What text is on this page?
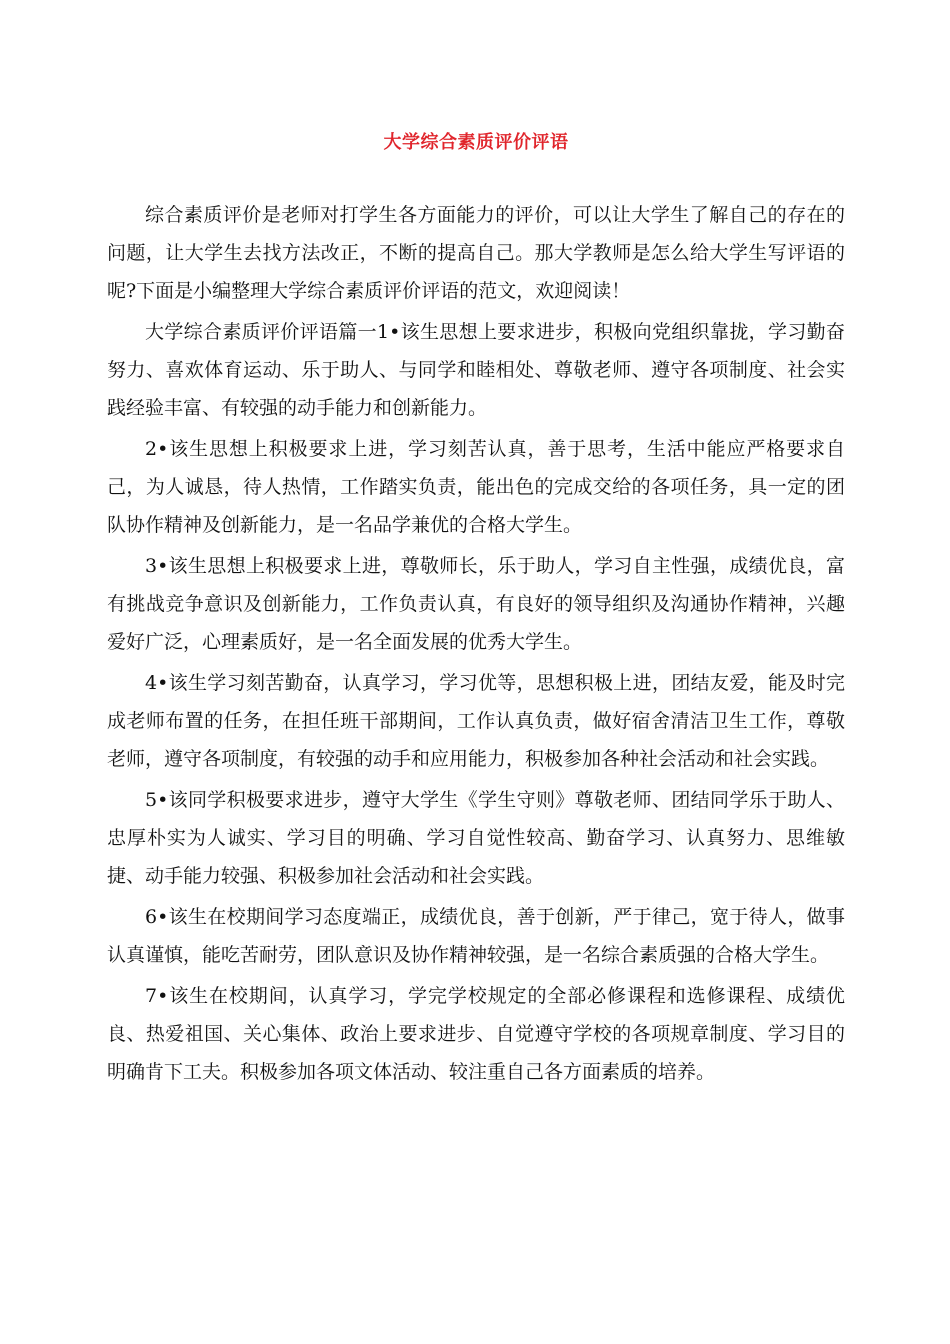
大学综合素质评价评语

综合素质评价是老师对打学生各方面能力的评价，可以让大学生了解自己的存在的问题，让大学生去找方法改正，不断的提高自己。那大学教师是怎么给大学生写评语的呢?下面是小编整理大学综合素质评价评语的范文，欢迎阅读！

大学综合素质评价评语篇一1•该生思想上要求进步，积极向党组织靠拢，学习勤奋努力、喜欢体育运动、乐于助人、与同学和睦相处、尊敬老师、遵守各项制度、社会实践经验丰富、有较强的动手能力和创新能力。

2•该生思想上积极要求上进，学习刻苦认真，善于思考，生活中能应严格要求自己，为人诚恳，待人热情，工作踏实负责，能出色的完成交给的各项任务，具一定的团队协作精神及创新能力，是一名品学兼优的合格大学生。

3•该生思想上积极要求上进，尊敬师长，乐于助人，学习自主性强，成绩优良，富有挑战竞争意识及创新能力，工作负责认真，有良好的领导组织及沟通协作精神，兴趣爱好广泛，心理素质好，是一名全面发展的优秀大学生。

4•该生学习刻苦勤奋，认真学习，学习优等，思想积极上进，团结友爱，能及时完成老师布置的任务，在担任班干部期间，工作认真负责，做好宿舍清洁卫生工作，尊敬老师，遵守各项制度，有较强的动手和应用能力，积极参加各种社会活动和社会实践。

5•该同学积极要求进步，遵守大学生《学生守则》尊敬老师、团结同学乐于助人、忠厚朴实为人诚实、学习目的明确、学习自觉性较高、勤奋学习、认真努力、思维敏捷、动手能力较强、积极参加社会活动和社会实践。

6•该生在校期间学习态度端正，成绩优良，善于创新，严于律己，宽于待人，做事认真谨慎，能吃苦耐劳，团队意识及协作精神较强，是一名综合素质强的合格大学生。

7•该生在校期间，认真学习，学完学校规定的全部必修课程和选修课程、成绩优良、热爱祖国、关心集体、政治上要求进步、自觉遵守学校的各项规章制度、学习目的明确肯下工夫。积极参加各项文体活动、较注重自己各方面素质的培养。
